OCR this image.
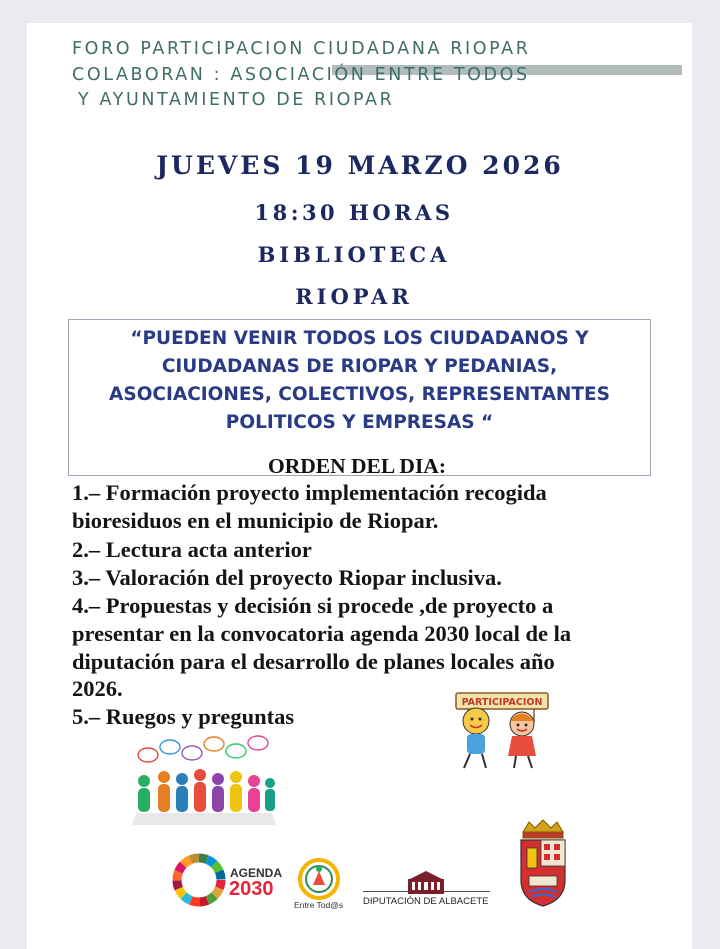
FORO PARTICIPACION CIUDADANA RIOPAR
COLABORAN : ASOCIACIÓN ENTRE TODOS
Y AYUNTAMIENTO DE RIOPAR
JUEVES 19 MARZO 2026
18:30 HORAS
BIBLIOTECA
RIOPAR
“PUEDEN VENIR TODOS LOS CIUDADANOS Y
CIUDADANAS DE RIOPAR Y PEDANIAS,
ASOCIACIONES, COLECTIVOS, REPRESENTANTES
POLITICOS Y EMPRESAS “
ORDEN DEL DIA:
1.– Formación proyecto implementación recogida
bioresiduos en el municipio de Riopar.
2.– Lectura acta anterior
3.– Valoración del proyecto Riopar inclusiva.
4.– Propuestas y decisión si procede ,de proyecto a
presentar en la convocatoria agenda 2030 local de la
diputación para el desarrollo de planes locales año
2026.
5.– Ruegos y preguntas
PARTICIPACION
AGENDA
2030
Entre Tod@s DIPUTACIÓN DE ALBACETE
